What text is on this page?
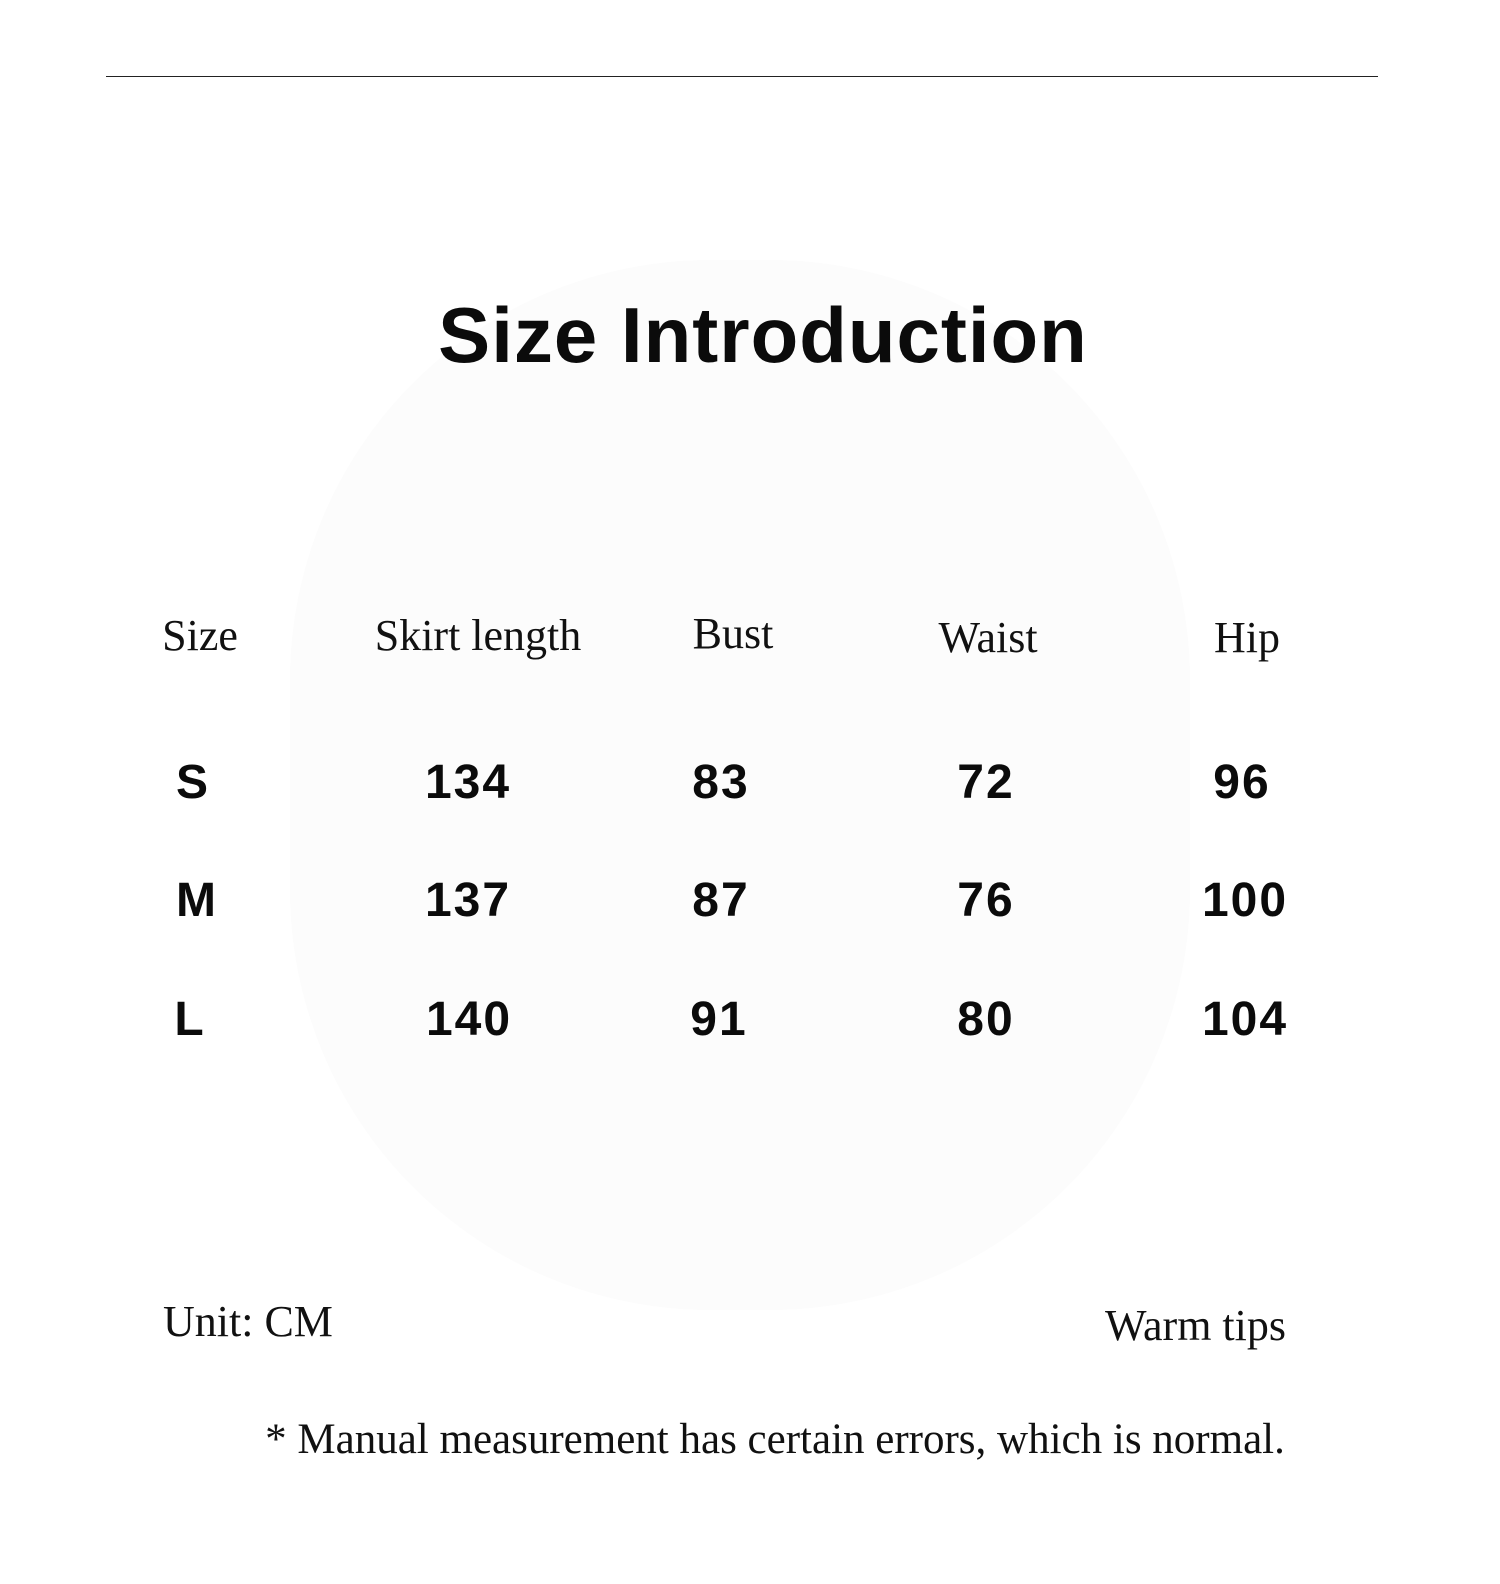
Size Introduction
Size	Skirt length	Bust	Waist	Hip
S	134	83	72	96
M	137	87	76	100
L	140	91	80	104
Unit: CM	Warm tips
* Manual measurement has certain errors, which is normal.
